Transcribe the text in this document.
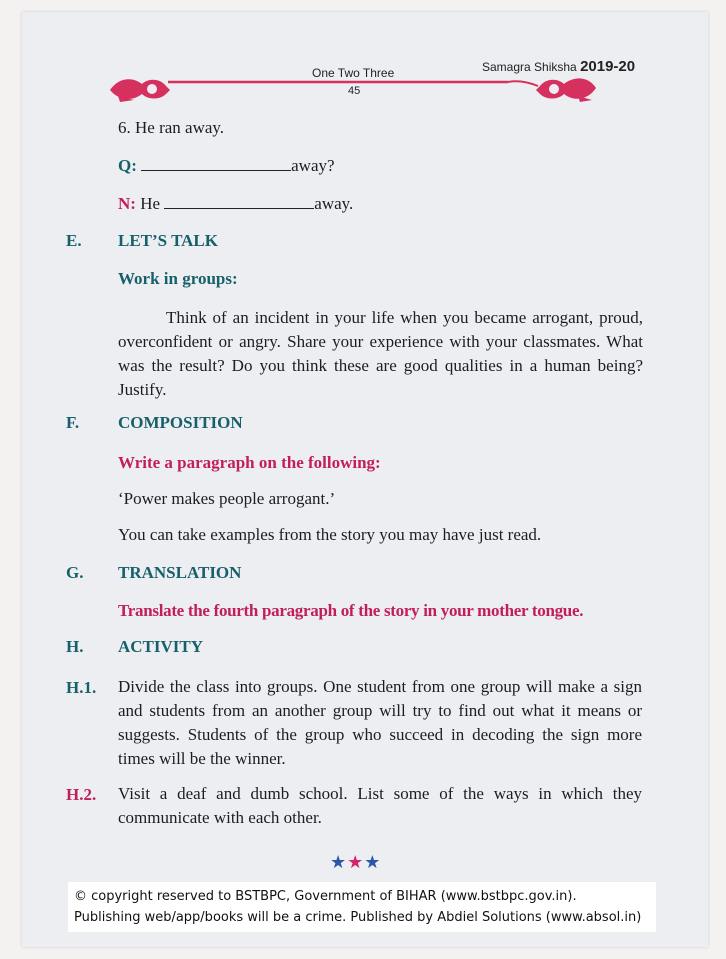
One Two Three
45
Samagra Shiksha 2019-20
6. He ran away.
Q:	away?
N: He	away.
E. LET’S TALK
Work in groups:

Think of an incident in your life when you became arrogant, proud, overconfident or angry. Share your experience with your classmates. What was the result? Do you think these are good qualities in a human being? Justify.

F. COMPOSITION
Write a paragraph on the following:
‘Power makes people arrogant.’
You can take examples from the story you may have just read.
G. TRANSLATION
Translate the fourth paragraph of the story in your mother tongue.
H. ACTIVITY
H.1. Divide the class into groups. One student from one group will make a sign and students from an another group will try to find out what it means or suggests. Students of the group who succeed in decoding the sign more times will be the winner.

H.2. Visit a deaf and dumb school. List some of the ways in which they communicate with each other.

★★★
© copyright reserved to BSTBPC, Government of BIHAR (www.bstbpc.gov.in).
Publishing web/app/books will be a crime. Published by Abdiel Solutions (www.absol.in)
